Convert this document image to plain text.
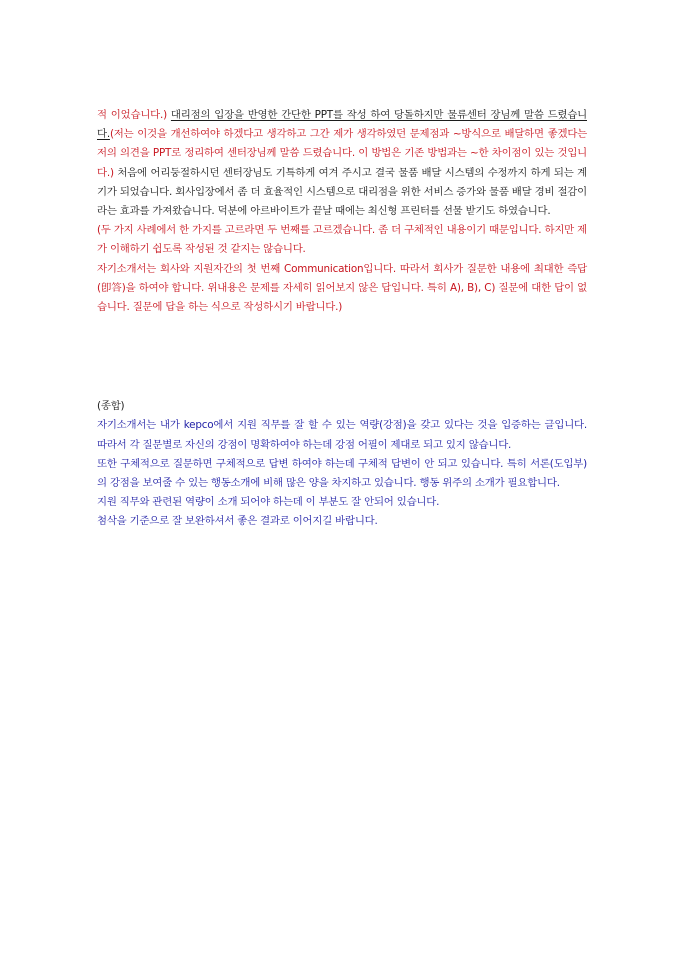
적 이었습니다.) 대리점의 입장을 반영한 간단한 PPT를 작성 하여 당돌하지만 물류센터 장님께 말씀 드렸습니다.(저는 이것을 개선하여야 하겠다고 생각하고 그간 제가 생각하였던 문제점과 ~방식으로 배달하면 좋겠다는 저의 의견을 PPT로 정리하여 센터장님께 말씀 드렸습니다. 이 방법은 기존 방법과는 ~한 차이점이 있는 것입니다.) 처음에 어리둥절하시던 센터장님도 기특하게 여겨 주시고 결국 물품 배달 시스템의 수정까지 하게 되는 계기가 되었습니다. 회사입장에서 좀 더 효율적인 시스템으로 대리점을 위한 서비스 증가와 물품 배달 경비 절감이라는 효과를 가져왔습니다. 덕분에 아르바이트가 끝날 때에는 최신형 프린터를 선물 받기도 하였습니다.

(두 가지 사례에서 한 가지를 고르라면 두 번째를 고르겠습니다. 좀 더 구체적인 내용이기 때문입니다. 하지만 제가 이해하기 쉽도록 작성된 것 같지는 않습니다.

자기소개서는 회사와 지원자간의 첫 번째 Communication입니다. 따라서 회사가 질문한 내용에 최대한 즉답(卽答)을 하여야 합니다. 위내용은 문제를 자세히 읽어보지 않은 답입니다. 특히 A), B), C) 질문에 대한 답이 없습니다. 질문에 답을 하는 식으로 작성하시기 바랍니다.)

(종합)

자기소개서는 내가 kepco에서 지원 직무를 잘 할 수 있는 역량(강점)을 갖고 있다는 것을 입증하는 글입니다. 따라서 각 질문별로 자신의 강점이 명확하여야 하는데 강점 어필이 제대로 되고 있지 않습니다.

또한 구체적으로 질문하면 구체적으로 답변 하여야 하는데 구체적 답변이 안 되고 있습니다. 특히 서론(도입부)의 강점을 보여줄 수 있는 행동소개에 비해 많은 양을 차지하고 있습니다. 행동 위주의 소개가 필요합니다.

지원 직무와 관련된 역량이 소개 되어야 하는데 이 부분도 잘 안되어 있습니다.

첨삭을 기준으로 잘 보완하셔서 좋은 결과로 이어지길 바랍니다.
